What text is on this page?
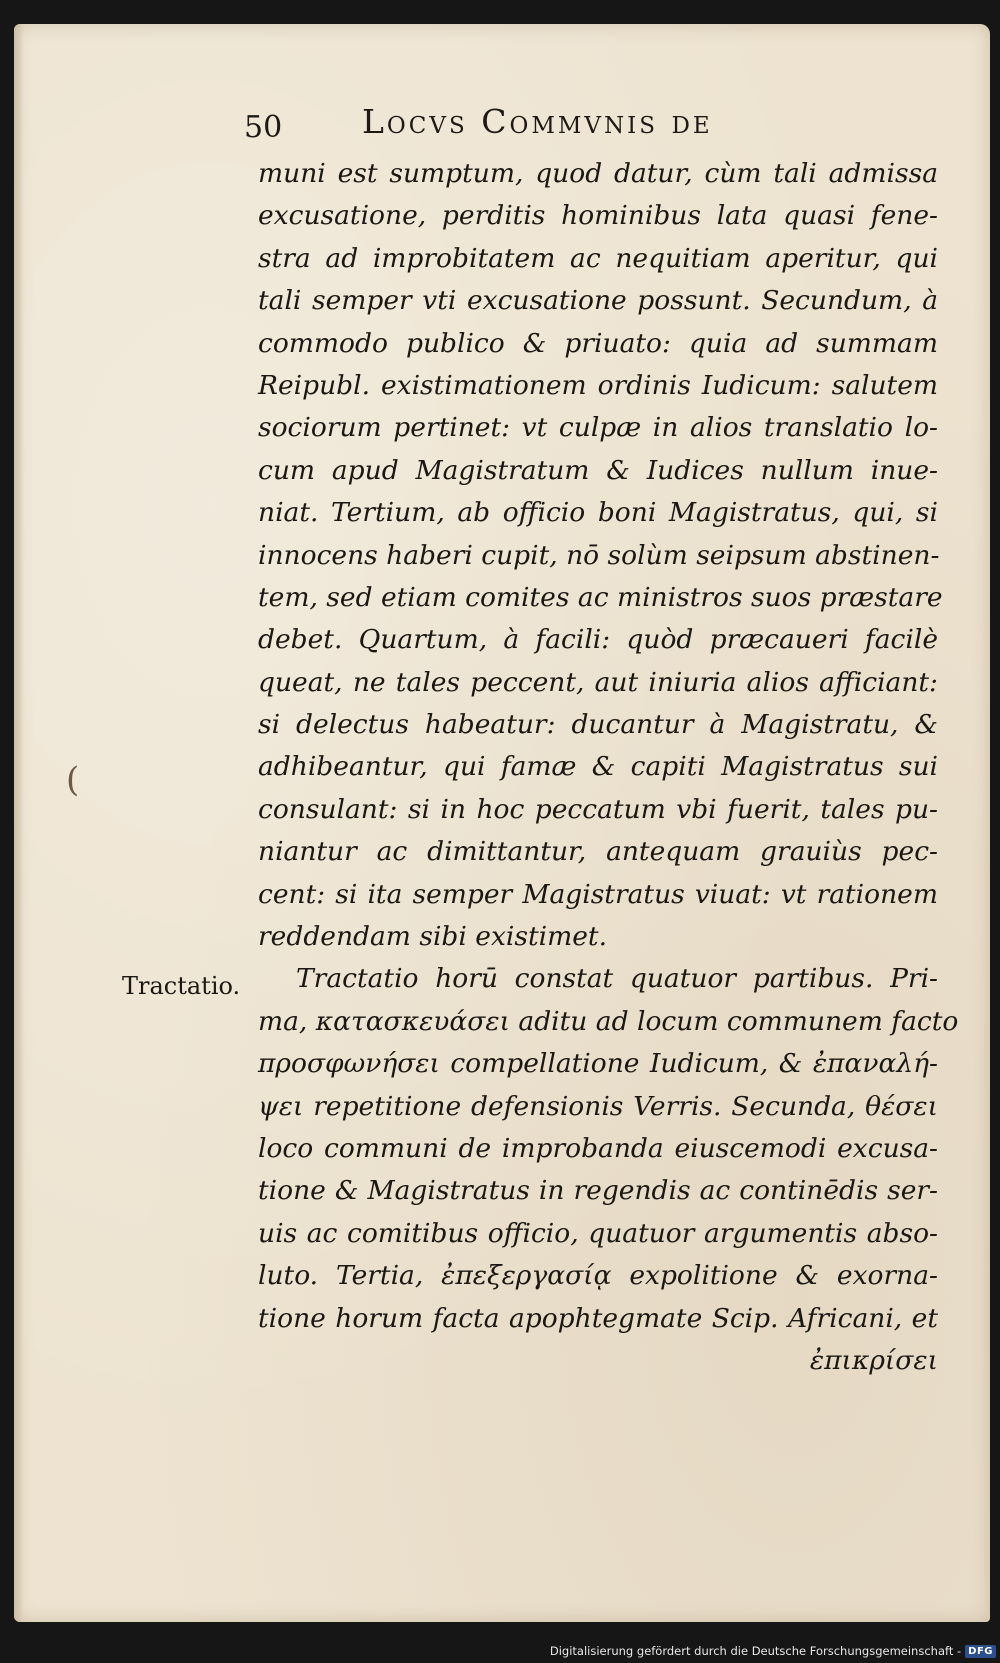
50 Locvs Commvnis de
(
Tractatio.
muni est sumptum, quod datur, cùm tali admissa
excusatione, perditis hominibus lata quasi fene-
stra ad improbitatem ac nequitiam aperitur, qui
tali semper vti excusatione possunt. Secundum, à
commodo publico & priuato: quia ad summam
Reipubl. existimationem ordinis Iudicum: salutem
sociorum pertinet: vt culpæ in alios translatio lo-
cum apud Magistratum & Iudices nullum inue-
niat. Tertium, ab officio boni Magistratus, qui, si
innocens haberi cupit, nō solùm seipsum abstinen-
tem, sed etiam comites ac ministros suos præstare
debet. Quartum, à facili: quòd præcaueri facilè
queat, ne tales peccent, aut iniuria alios afficiant:
si delectus habeatur: ducantur à Magistratu, &
adhibeantur, qui famæ & capiti Magistratus sui
consulant: si in hoc peccatum vbi fuerit, tales pu-
niantur ac dimittantur, antequam grauiùs pec-
cent: si ita semper Magistratus viuat: vt rationem
reddendam sibi existimet.
Tractatio horū constat quatuor partibus. Pri-
ma, κατασκευάσει aditu ad locum communem facto
προσφωνήσει compellatione Iudicum, & ἐπαναλή-
ψει repetitione defensionis Verris. Secunda, θέσει
loco communi de improbanda eiuscemodi excusa-
tione & Magistratus in regendis ac continēdis ser-
uis ac comitibus officio, quatuor argumentis abso-
luto. Tertia, ἐπεξεργασίᾳ expolitione & exorna-
tione horum facta apophtegmate Scip. Africani, et
ἐπικρίσει
Digitalisierung gefördert durch die Deutsche Forschungsgemeinschaft - DFG
